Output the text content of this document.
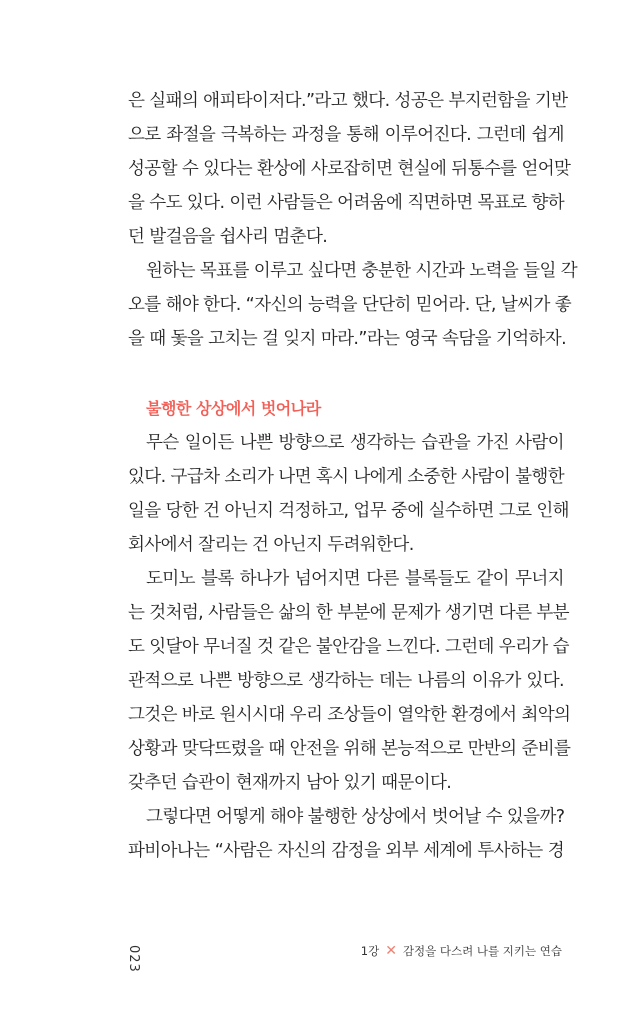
은 실패의 애피타이저다.”라고 했다. 성공은 부지런함을 기반
으로 좌절을 극복하는 과정을 통해 이루어진다. 그런데 쉽게
성공할 수 있다는 환상에 사로잡히면 현실에 뒤통수를 얻어맞
을 수도 있다. 이런 사람들은 어려움에 직면하면 목표로 향하
던 발걸음을 쉽사리 멈춘다.
원하는 목표를 이루고 싶다면 충분한 시간과 노력을 들일 각
오를 해야 한다. “자신의 능력을 단단히 믿어라. 단, 날씨가 좋
을 때 돛을 고치는 걸 잊지 마라.”라는 영국 속담을 기억하자.
불행한 상상에서 벗어나라
무슨 일이든 나쁜 방향으로 생각하는 습관을 가진 사람이
있다. 구급차 소리가 나면 혹시 나에게 소중한 사람이 불행한
일을 당한 건 아닌지 걱정하고, 업무 중에 실수하면 그로 인해
회사에서 잘리는 건 아닌지 두려워한다.
도미노 블록 하나가 넘어지면 다른 블록들도 같이 무너지
는 것처럼, 사람들은 삶의 한 부분에 문제가 생기면 다른 부분
도 잇달아 무너질 것 같은 불안감을 느낀다. 그런데 우리가 습
관적으로 나쁜 방향으로 생각하는 데는 나름의 이유가 있다.
그것은 바로 원시시대 우리 조상들이 열악한 환경에서 최악의
상황과 맞닥뜨렸을 때 안전을 위해 본능적으로 만반의 준비를
갖추던 습관이 현재까지 남아 있기 때문이다.
그렇다면 어떻게 해야 불행한 상상에서 벗어날 수 있을까?
파비아나는 “사람은 자신의 감정을 외부 세계에 투사하는 경
023	1강 ✕ 감정을 다스려 나를 지키는 연습
